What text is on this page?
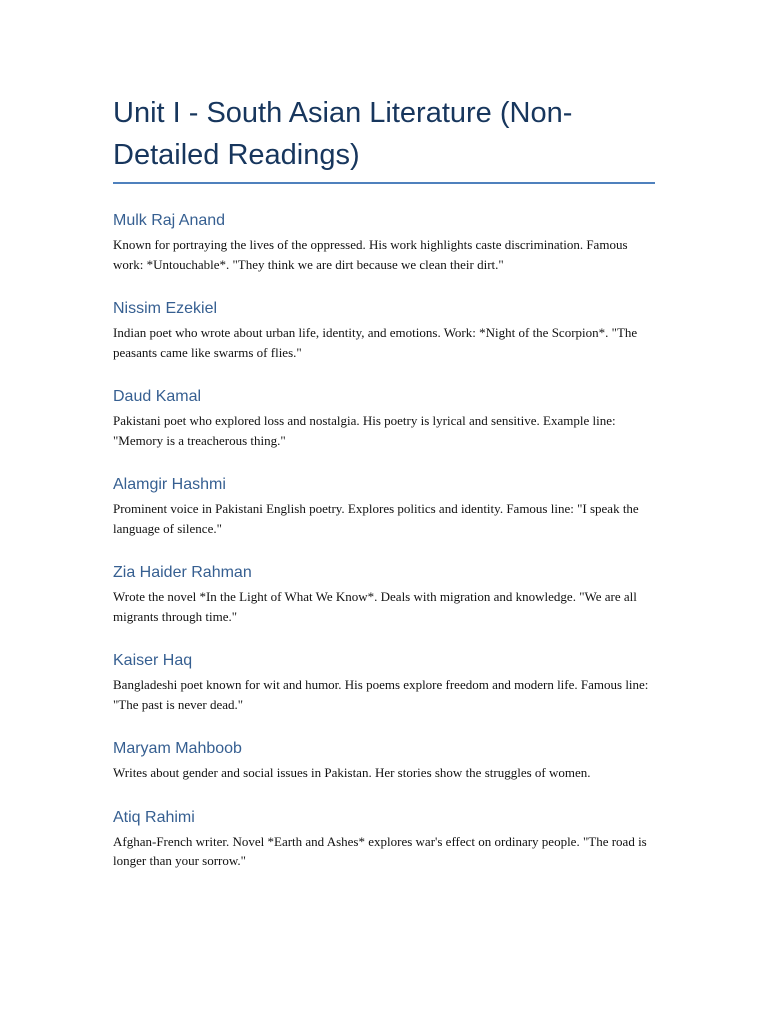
Unit I - South Asian Literature (Non-Detailed Readings)
Mulk Raj Anand

Known for portraying the lives of the oppressed. His work highlights caste discrimination. Famous work: *Untouchable*. "They think we are dirt because we clean their dirt."

Nissim Ezekiel

Indian poet who wrote about urban life, identity, and emotions. Work: *Night of the Scorpion*. "The peasants came like swarms of flies."

Daud Kamal

Pakistani poet who explored loss and nostalgia. His poetry is lyrical and sensitive. Example line: "Memory is a treacherous thing."

Alamgir Hashmi

Prominent voice in Pakistani English poetry. Explores politics and identity. Famous line: "I speak the language of silence."

Zia Haider Rahman

Wrote the novel *In the Light of What We Know*. Deals with migration and knowledge. "We are all migrants through time."

Kaiser Haq

Bangladeshi poet known for wit and humor. His poems explore freedom and modern life. Famous line: "The past is never dead."

Maryam Mahboob

Writes about gender and social issues in Pakistan. Her stories show the struggles of women.

Atiq Rahimi

Afghan-French writer. Novel *Earth and Ashes* explores war's effect on ordinary people. "The road is longer than your sorrow."
